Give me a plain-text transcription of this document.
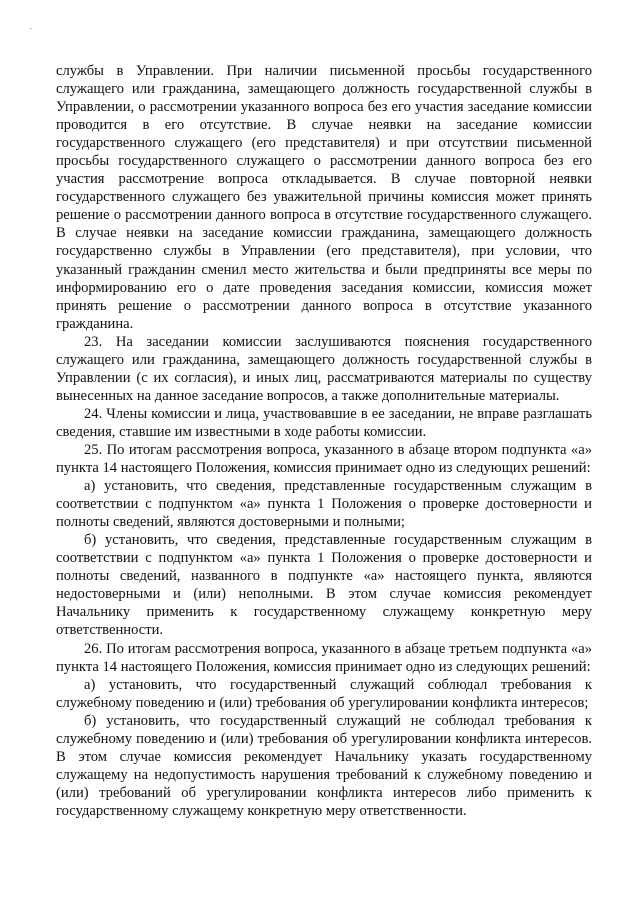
службы в Управлении. При наличии письменной просьбы государственного служащего или гражданина, замещающего должность государственной службы в Управлении, о рассмотрении указанного вопроса без его участия заседание комиссии проводится в его отсутствие. В случае неявки на заседание комиссии государственного служащего (его представителя) и при отсутствии письменной просьбы государственного служащего о рассмотрении данного вопроса без его участия рассмотрение вопроса откладывается. В случае повторной неявки государственного служащего без уважительной причины комиссия может принять решение о рассмотрении данного вопроса в отсутствие государственного служащего. В случае неявки на заседание комиссии гражданина, замещающего должность государственно службы в Управлении (его представителя), при условии, что указанный гражданин сменил место жительства и были предприняты все меры по информированию его о дате проведения заседания комиссии, комиссия может принять решение о рассмотрении данного вопроса в отсутствие указанного гражданина.

23. На заседании комиссии заслушиваются пояснения государственного служащего или гражданина, замещающего должность государственной службы в Управлении (с их согласия), и иных лиц, рассматриваются материалы по существу вынесенных на данное заседание вопросов, а также дополнительные материалы.

24. Члены комиссии и лица, участвовавшие в ее заседании, не вправе разглашать сведения, ставшие им известными в ходе работы комиссии.

25. По итогам рассмотрения вопроса, указанного в абзаце втором подпункта «а» пункта 14 настоящего Положения, комиссия принимает одно из следующих решений:

а) установить, что сведения, представленные государственным служащим в соответствии с подпунктом «а» пункта 1 Положения о проверке достоверности и полноты сведений, являются достоверными и полными;

б) установить, что сведения, представленные государственным служащим в соответствии с подпунктом «а» пункта 1 Положения о проверке достоверности и полноты сведений, названного в подпункте «а» настоящего пункта, являются недостоверными и (или) неполными. В этом случае комиссия рекомендует Начальнику применить к государственному служащему конкретную меру ответственности.

26. По итогам рассмотрения вопроса, указанного в абзаце третьем подпункта «а» пункта 14 настоящего Положения, комиссия принимает одно из следующих решений:

а) установить, что государственный служащий соблюдал требования к служебному поведению и (или) требования об урегулировании конфликта интересов;

б) установить, что государственный служащий не соблюдал требования к служебному поведению и (или) требования об урегулировании конфликта интересов. В этом случае комиссия рекомендует Начальнику указать государственному служащему на недопустимость нарушения требований к служебному поведению и (или) требований об урегулировании конфликта интересов либо применить к государственному служащему конкретную меру ответственности.
